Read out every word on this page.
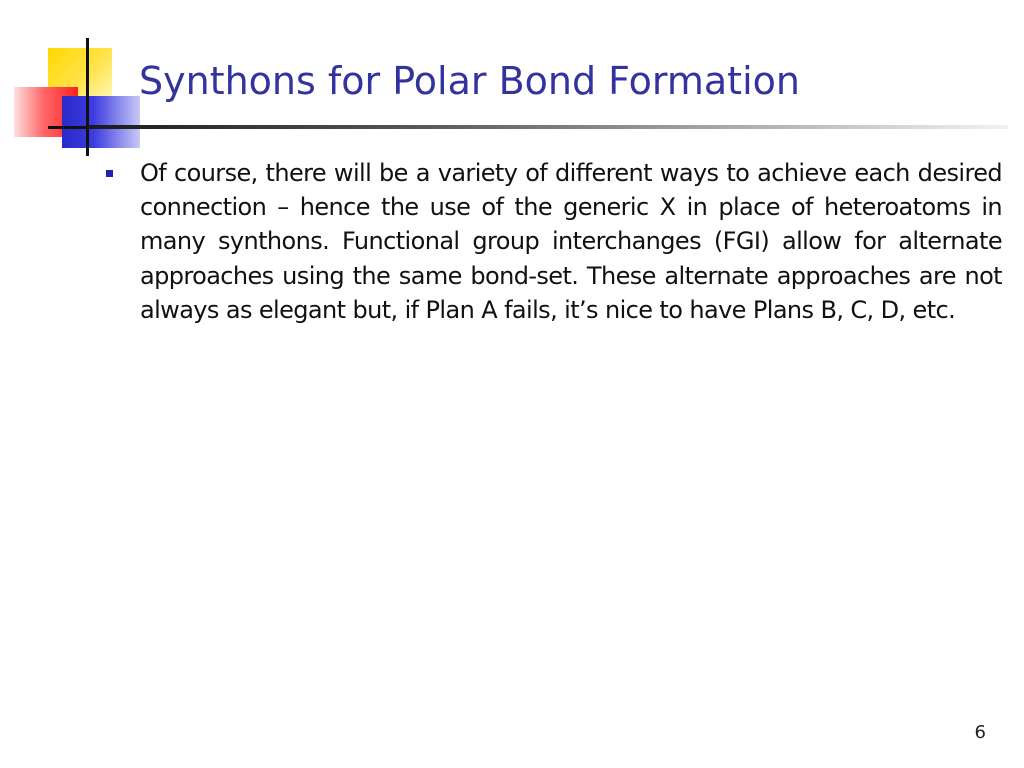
Synthons for Polar Bond Formation

Of course, there will be a variety of different ways to achieve each desired connection – hence the use of the generic X in place of heteroatoms in many synthons. Functional group interchanges (FGI) allow for alternate approaches using the same bond-set. These alternate approaches are not always as elegant but, if Plan A fails, it’s nice to have Plans B, C, D, etc.

6
